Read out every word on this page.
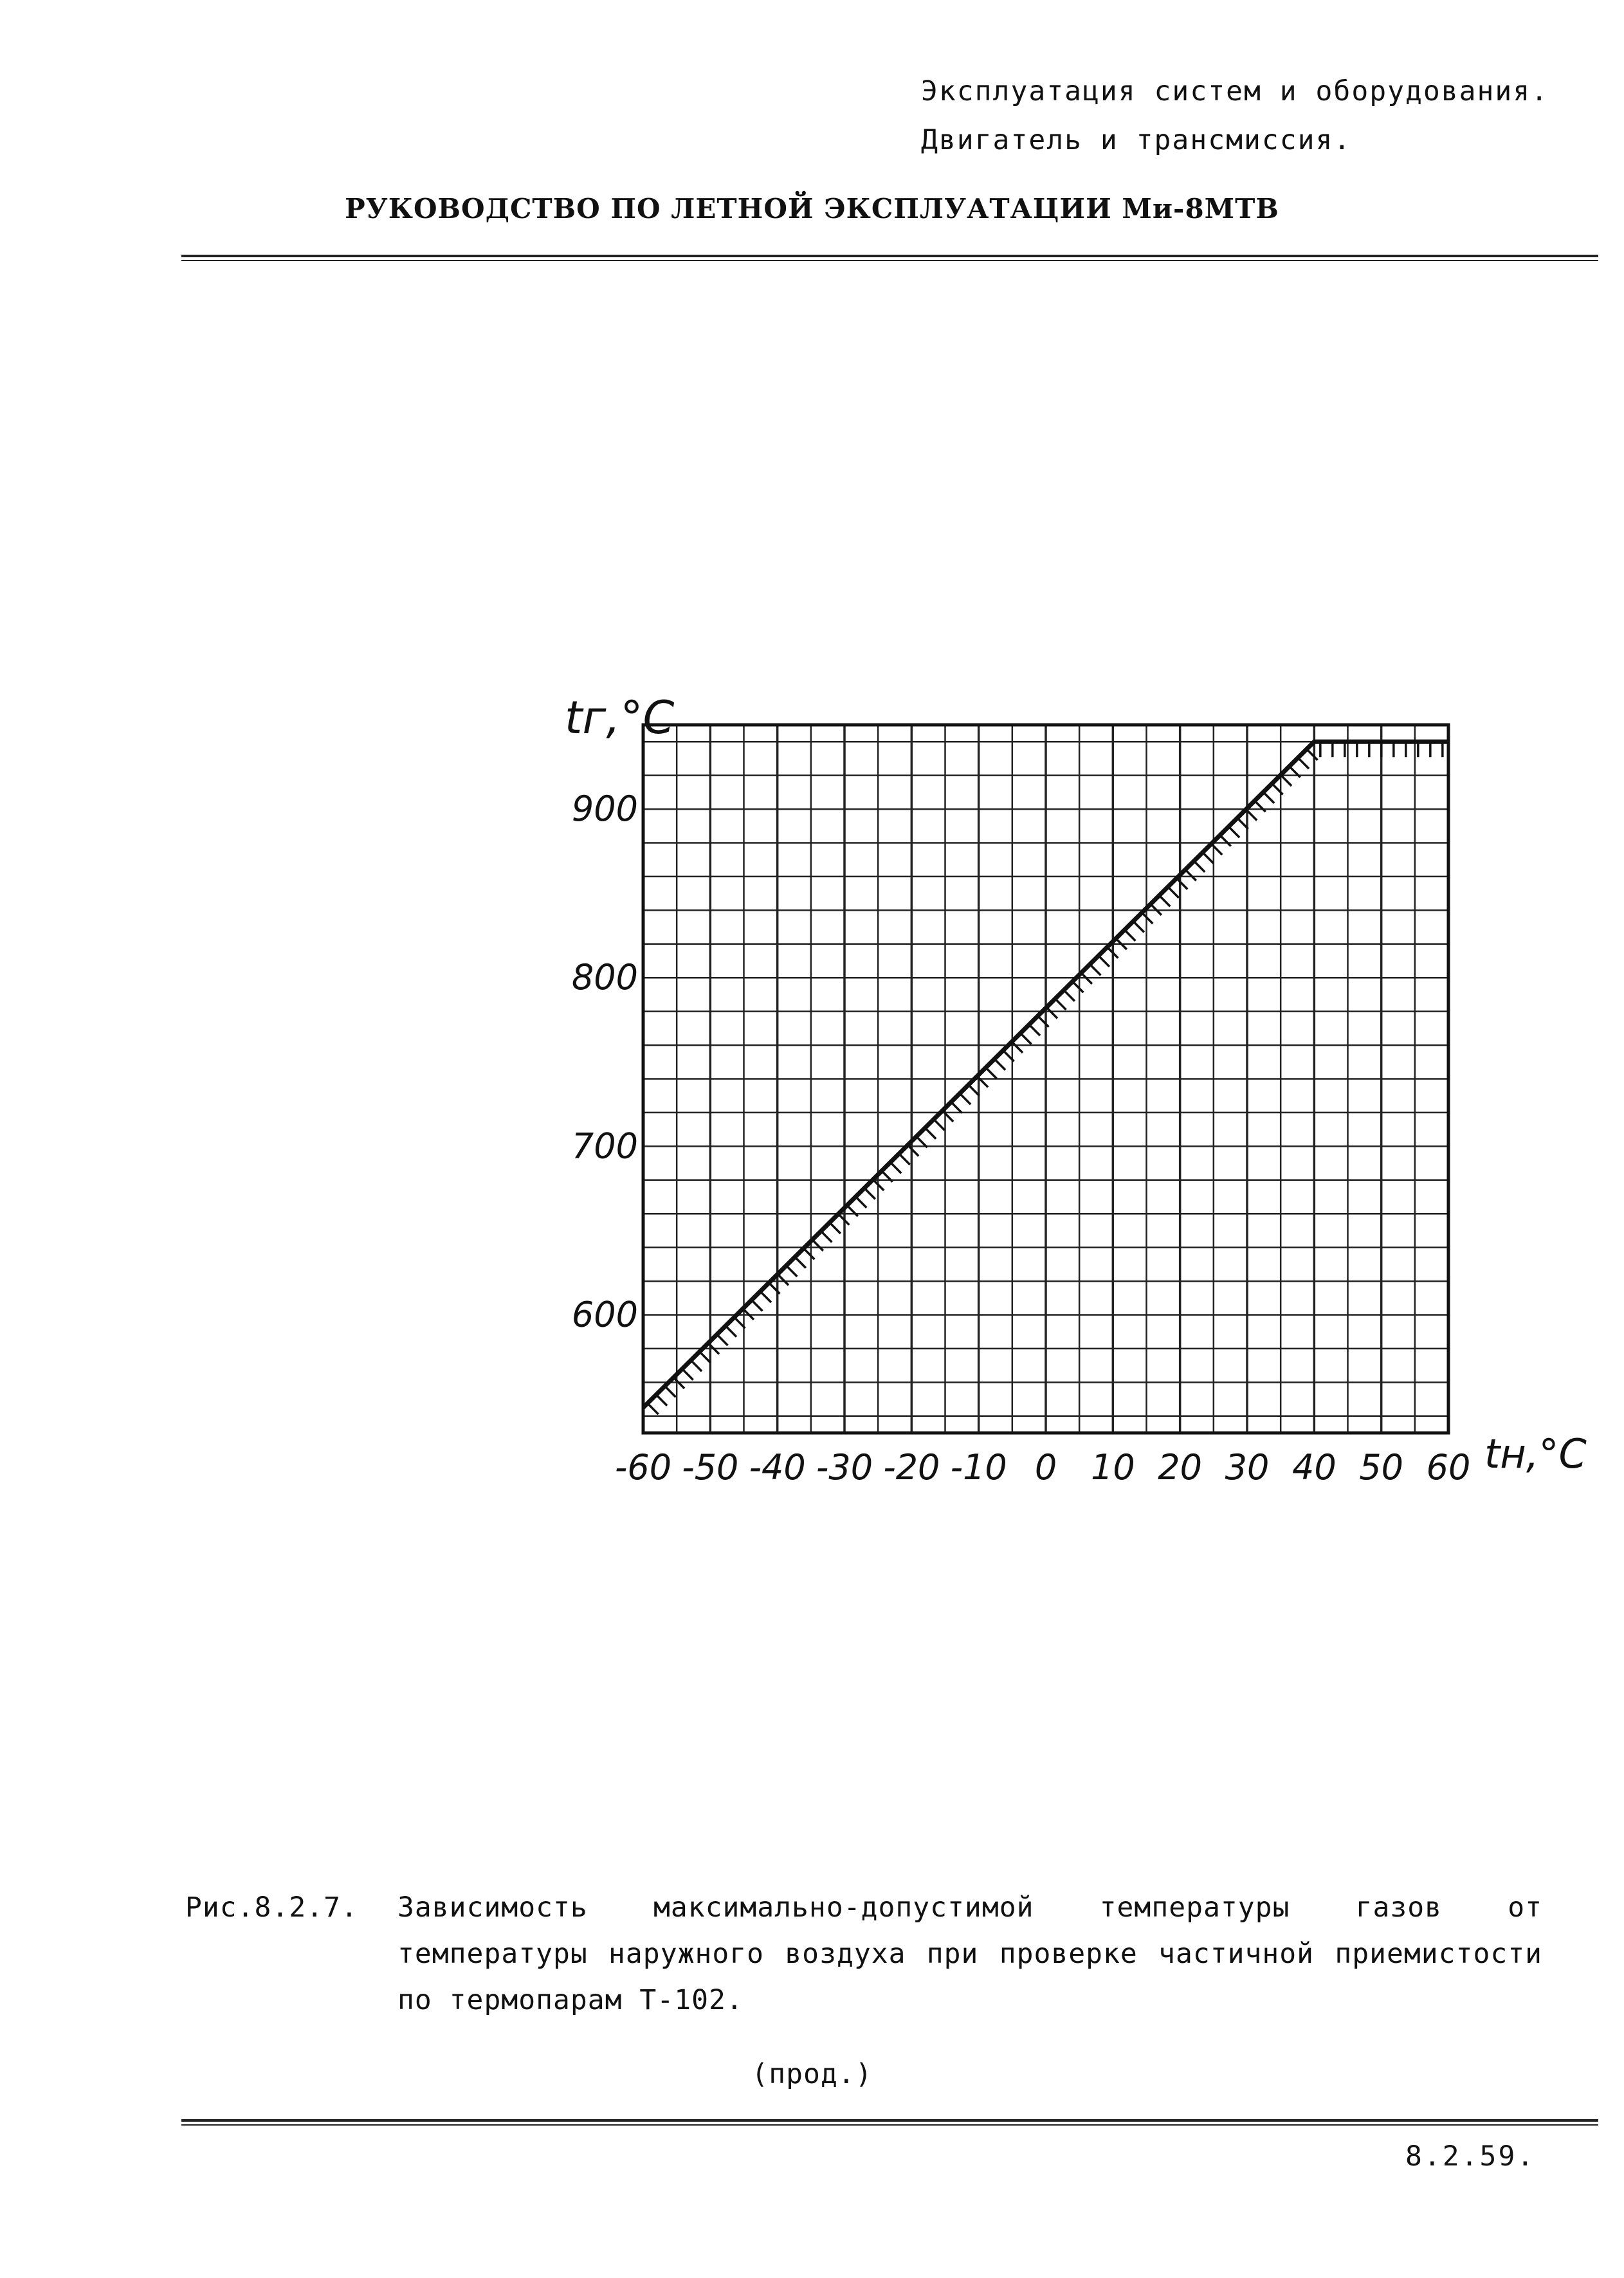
Эксплуатация систем и оборудования.
Двигатель и трансмиссия.
РУКОВОДСТВО ПО ЛЕТНОЙ ЭКСПЛУАТАЦИИ Ми-8МТВ
-60 -50 -40 -30 -20 -10 0 10 20 30 40 50 60
600
700
800
900
tг,°C
tн,°C
Рис.8.2.7. Зависимость максимально-допустимой температуры газов от температуры наружного воздуха при проверке частичной приемистости по термопарам Т-102.
(прод.)
8.2.59.
